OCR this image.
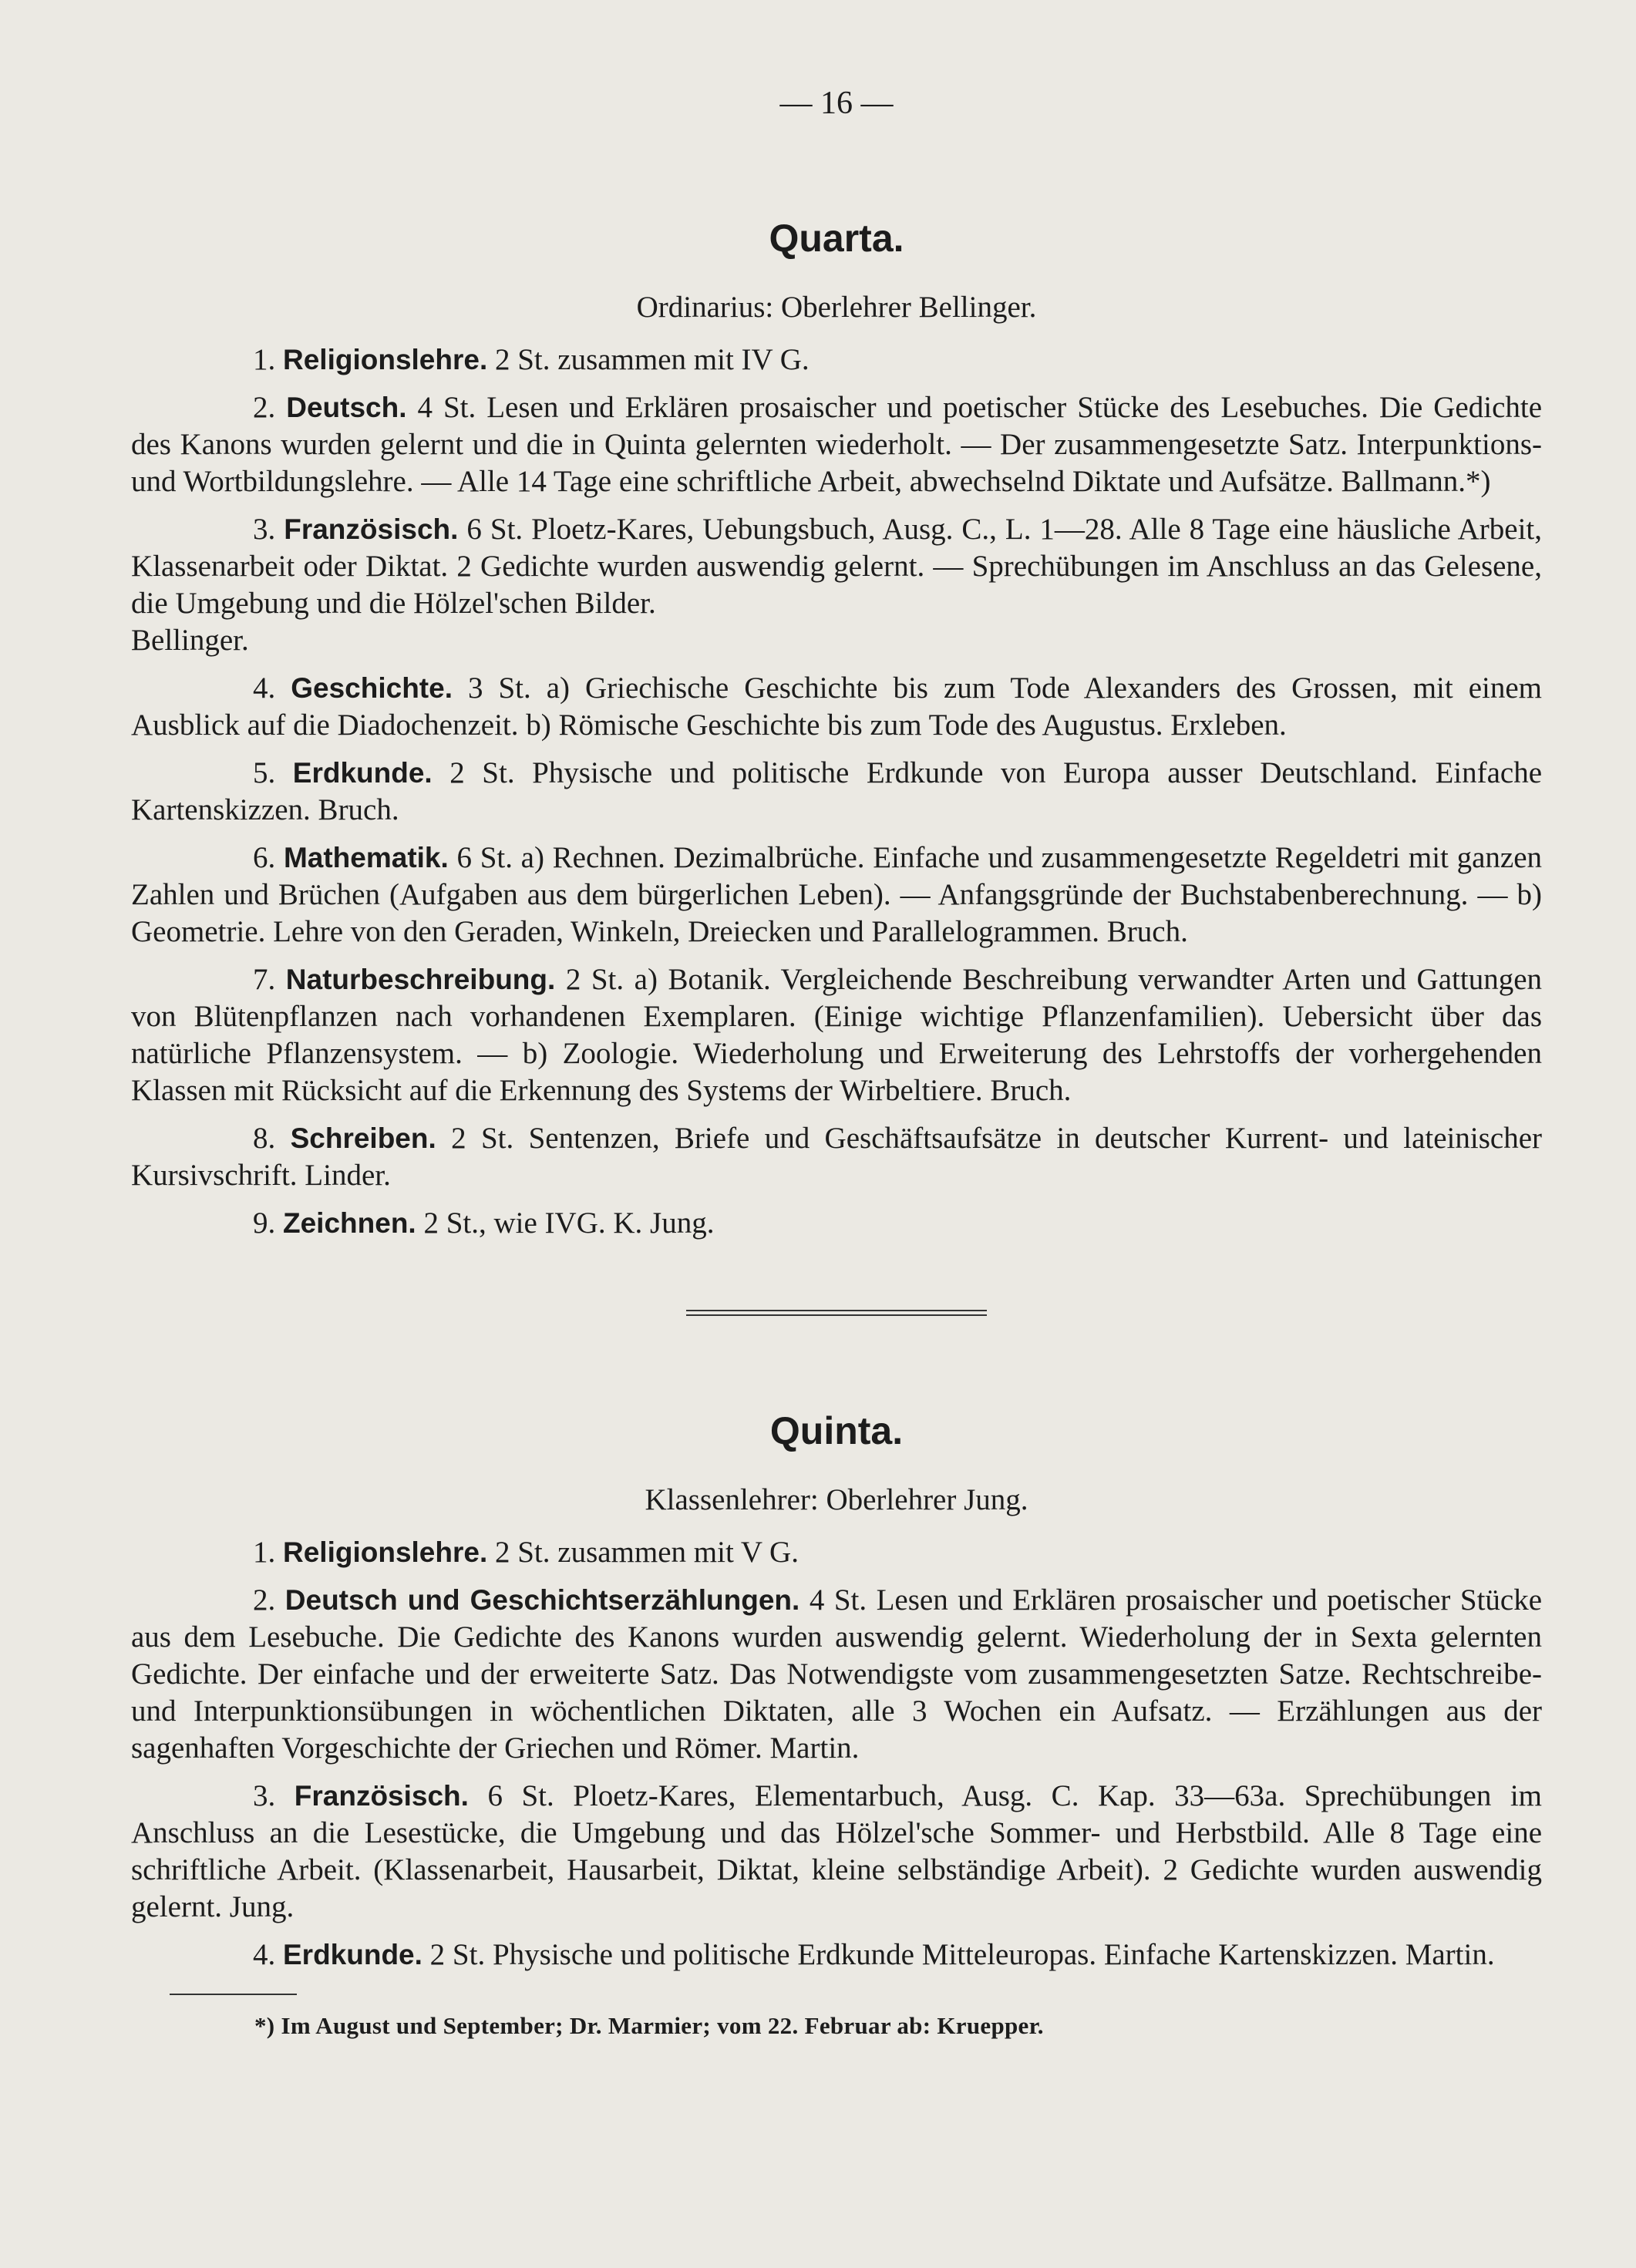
— 16 —
Quarta.
Ordinarius: Oberlehrer Bellinger.

1. Religionslehre. 2 St. zusammen mit IV G.

2. Deutsch. 4 St. Lesen und Erklären prosaischer und poetischer Stücke des Lesebuches. Die Gedichte des Kanons wurden gelernt und die in Quinta gelernten wiederholt. — Der zusammengesetzte Satz. Interpunktions- und Wortbildungslehre. — Alle 14 Tage eine schriftliche Arbeit, abwechselnd Diktate und Aufsätze. Ballmann.*)

3. Französisch. 6 St. Ploetz-Kares, Uebungsbuch, Ausg. C., L. 1—28. Alle 8 Tage eine häusliche Arbeit, Klassenarbeit oder Diktat. 2 Gedichte wurden auswendig gelernt. — Sprechübungen im Anschluss an das Gelesene, die Umgebung und die Hölzel'schen Bilder.

Bellinger.

4. Geschichte. 3 St. a) Griechische Geschichte bis zum Tode Alexanders des Grossen, mit einem Ausblick auf die Diadochenzeit. b) Römische Geschichte bis zum Tode des Augustus. Erxleben.

5. Erdkunde. 2 St. Physische und politische Erdkunde von Europa ausser Deutschland. Einfache Kartenskizzen. Bruch.

6. Mathematik. 6 St. a) Rechnen. Dezimalbrüche. Einfache und zusammengesetzte Regeldetri mit ganzen Zahlen und Brüchen (Aufgaben aus dem bürgerlichen Leben). — Anfangsgründe der Buchstabenberechnung. — b) Geometrie. Lehre von den Geraden, Winkeln, Dreiecken und Parallelogrammen. Bruch.

7. Naturbeschreibung. 2 St. a) Botanik. Vergleichende Beschreibung verwandter Arten und Gattungen von Blütenpflanzen nach vorhandenen Exemplaren. (Einige wichtige Pflanzenfamilien). Uebersicht über das natürliche Pflanzensystem. — b) Zoologie. Wiederholung und Erweiterung des Lehrstoffs der vorhergehenden Klassen mit Rücksicht auf die Erkennung des Systems der Wirbeltiere. Bruch.

8. Schreiben. 2 St. Sentenzen, Briefe und Geschäftsaufsätze in deutscher Kurrent- und lateinischer Kursivschrift. Linder.

9. Zeichnen. 2 St., wie IVG. K. Jung.

Quinta.
Klassenlehrer: Oberlehrer Jung.

1. Religionslehre. 2 St. zusammen mit V G.

2. Deutsch und Geschichtserzählungen. 4 St. Lesen und Erklären prosaischer und poetischer Stücke aus dem Lesebuche. Die Gedichte des Kanons wurden auswendig gelernt. Wiederholung der in Sexta gelernten Gedichte. Der einfache und der erweiterte Satz. Das Notwendigste vom zusammengesetzten Satze. Rechtschreibe- und Interpunktionsübungen in wöchentlichen Diktaten, alle 3 Wochen ein Aufsatz. — Erzählungen aus der sagenhaften Vorgeschichte der Griechen und Römer. Martin.

3. Französisch. 6 St. Ploetz-Kares, Elementarbuch, Ausg. C. Kap. 33—63a. Sprechübungen im Anschluss an die Lesestücke, die Umgebung und das Hölzel'sche Sommer- und Herbstbild. Alle 8 Tage eine schriftliche Arbeit. (Klassenarbeit, Hausarbeit, Diktat, kleine selbständige Arbeit). 2 Gedichte wurden auswendig gelernt. Jung.

4. Erdkunde. 2 St. Physische und politische Erdkunde Mitteleuropas. Einfache Kartenskizzen. Martin.

*) Im August und September; Dr. Marmier; vom 22. Februar ab: Kruepper.
